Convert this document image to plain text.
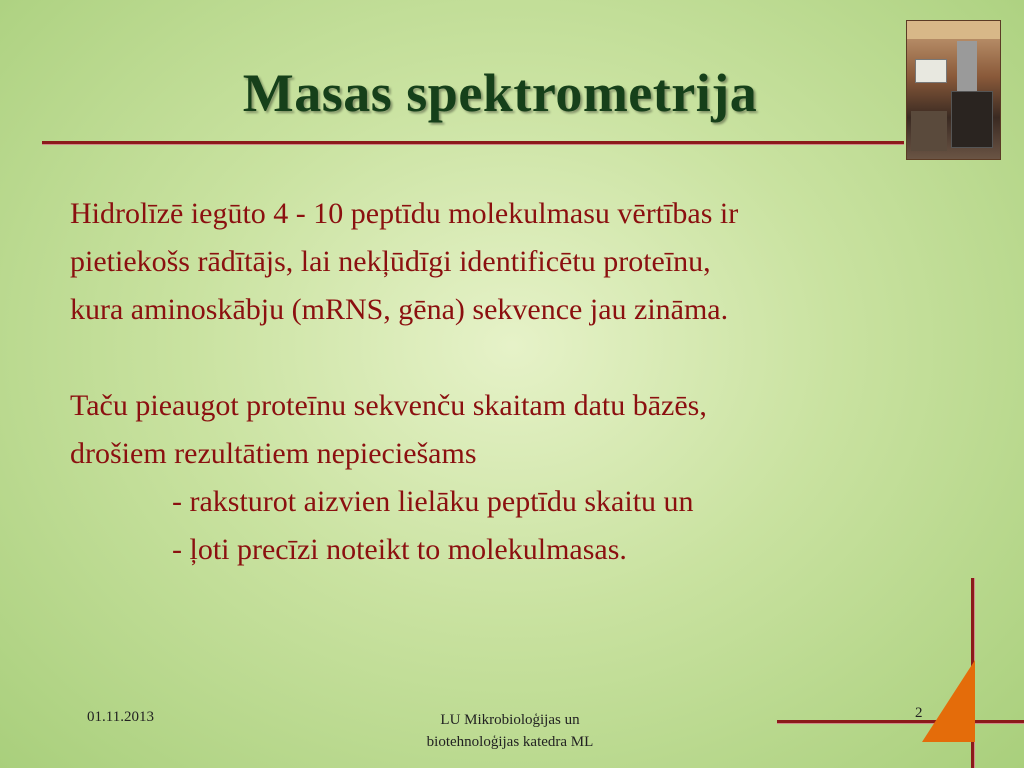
Masas spektrometrija

Hidrolīzē iegūto 4 - 10 peptīdu molekulmasu vērtības ir

pietiekošs rādītājs, lai nekļūdīgi identificētu proteīnu,

kura aminoskābju (mRNS, gēna) sekvence jau zināma.

Taču pieaugot proteīnu sekvenču skaitam datu bāzēs,

drošiem rezultātiem nepieciešams

- raksturot aizvien lielāku peptīdu skaitu un

- ļoti precīzi noteikt to molekulmasas.

01.11.2013	LU Mikrobioloģijas un
biotehnoloģijas katedra ML
2
